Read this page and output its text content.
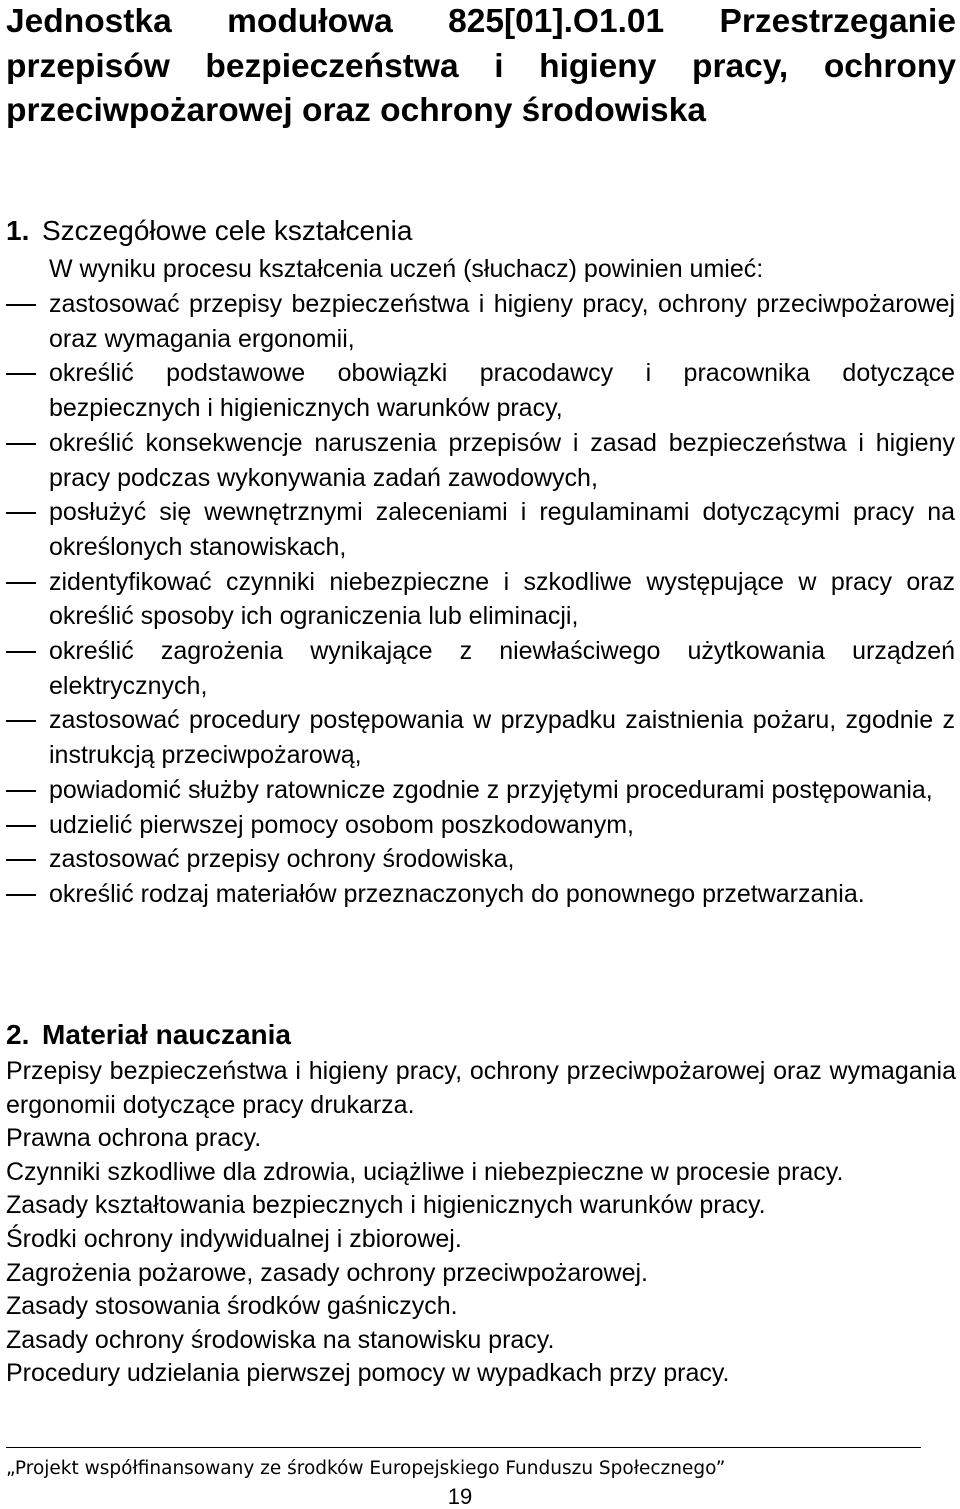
Jednostka modułowa 825[01].O1.01 Przestrzeganie przepisów bezpieczeństwa i higieny pracy, ochrony przeciwpożarowej oraz ochrony środowiska
1. Szczegółowe cele kształcenia

W wyniku procesu kształcenia uczeń (słuchacz) powinien umieć:

zastosować przepisy bezpieczeństwa i higieny pracy, ochrony przeciwpożarowej oraz wymagania ergonomii,
określić podstawowe obowiązki pracodawcy i pracownika dotyczące bezpiecznych i higienicznych warunków pracy,
określić konsekwencje naruszenia przepisów i zasad bezpieczeństwa i higieny pracy podczas wykonywania zadań zawodowych,
posłużyć się wewnętrznymi zaleceniami i regulaminami dotyczącymi pracy na określonych stanowiskach,
zidentyfikować czynniki niebezpieczne i szkodliwe występujące w pracy oraz określić sposoby ich ograniczenia lub eliminacji,
określić zagrożenia wynikające z niewłaściwego użytkowania urządzeń elektrycznych,
zastosować procedury postępowania w przypadku zaistnienia pożaru, zgodnie z instrukcją przeciwpożarową,
powiadomić służby ratownicze zgodnie z przyjętymi procedurami postępowania,
udzielić pierwszej pomocy osobom poszkodowanym,
zastosować przepisy ochrony środowiska,
określić rodzaj materiałów przeznaczonych do ponownego przetwarzania.
2. Materiał nauczania
Przepisy bezpieczeństwa i higieny pracy, ochrony przeciwpożarowej oraz wymagania ergonomii dotyczące pracy drukarza.
Prawna ochrona pracy.
Czynniki szkodliwe dla zdrowia, uciążliwe i niebezpieczne w procesie pracy.
Zasady kształtowania bezpiecznych i higienicznych warunków pracy.
Środki ochrony indywidualnej i zbiorowej.
Zagrożenia pożarowe, zasady ochrony przeciwpożarowej.
Zasady stosowania środków gaśniczych.
Zasady ochrony środowiska na stanowisku pracy.
Procedury udzielania pierwszej pomocy w wypadkach przy pracy.
„Projekt współfinansowany ze środków Europejskiego Funduszu Społecznego”
19
